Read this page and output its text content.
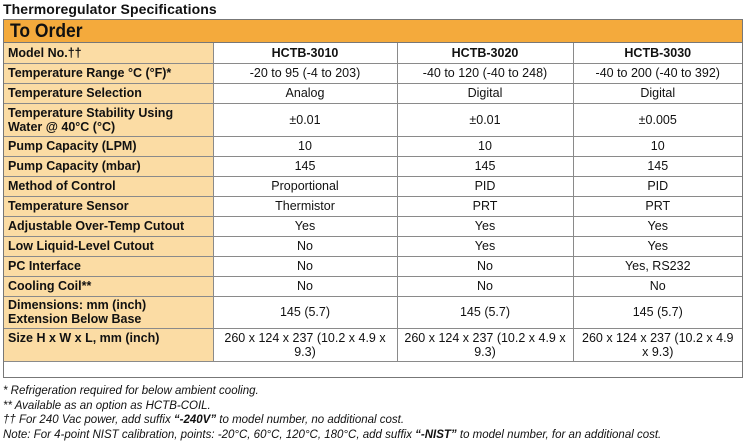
Thermoregulator Specifications
To Order
Model No.††	HCTB-3010	HCTB-3020	HCTB-3030
Temperature Range °C (°F)*	-20 to 95 (-4 to 203)	-40 to 120 (-40 to 248)	-40 to 200 (-40 to 392)
Temperature Selection	Analog	Digital	Digital
Temperature Stability Using Water @ 40°C (°C)	±0.01	±0.01	±0.005
Pump Capacity (LPM)	10	10	10
Pump Capacity (mbar)	145	145	145
Method of Control	Proportional	PID	PID
Temperature Sensor	Thermistor	PRT	PRT
Adjustable Over-Temp Cutout	Yes	Yes	Yes
Low Liquid-Level Cutout	No	Yes	Yes
PC Interface	No	No	Yes, RS232
Cooling Coil**	No	No	No
Dimensions: mm (inch) Extension Below Base	145 (5.7)	145 (5.7)	145 (5.7)
Size H x W x L, mm (inch)	260 x 124 x 237 (10.2 x 4.9 x 9.3)	260 x 124 x 237 (10.2 x 4.9 x 9.3)	260 x 124 x 237 (10.2 x 4.9 x 9.3)
* Refrigeration required for below ambient cooling.
** Available as an option as HCTB-COIL.
†† For 240 Vac power, add suffix “-240V” to model number, no additional cost.
Note: For 4-point NIST calibration, points: -20°C, 60°C, 120°C, 180°C, add suffix “-NIST” to model number, for an additional cost.
